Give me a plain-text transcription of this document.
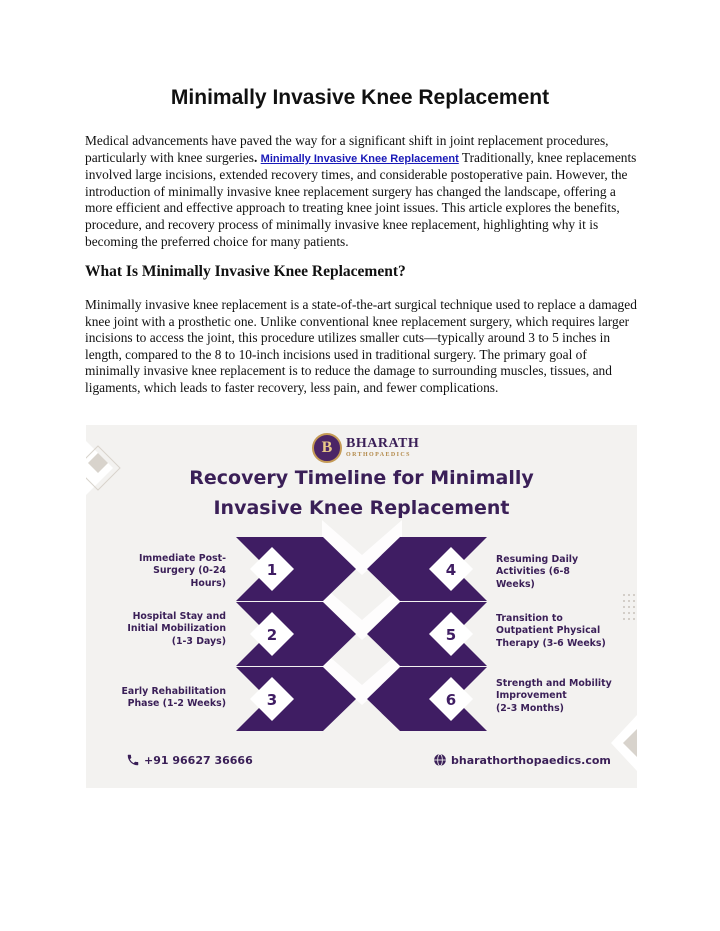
Minimally Invasive Knee Replacement

Medical advancements have paved the way for a significant shift in joint replacement procedures, particularly with knee surgeries. Minimally Invasive Knee Replacement Traditionally, knee replacements involved large incisions, extended recovery times, and considerable postoperative pain. However, the introduction of minimally invasive knee replacement surgery has changed the landscape, offering a more efficient and effective approach to treating knee joint issues. This article explores the benefits, procedure, and recovery process of minimally invasive knee replacement, highlighting why it is becoming the preferred choice for many patients.

What Is Minimally Invasive Knee Replacement?

Minimally invasive knee replacement is a state-of-the-art surgical technique used to replace a damaged knee joint with a prosthetic one. Unlike conventional knee replacement surgery, which requires larger incisions to access the joint, this procedure utilizes smaller cuts—typically around 3 to 5 inches in length, compared to the 8 to 10-inch incisions used in traditional surgery. The primary goal of minimally invasive knee replacement is to reduce the damage to surrounding muscles, tissues, and ligaments, which leads to faster recovery, less pain, and fewer complications.

1
2
3
4
5
6
B BHARATH
ORTHOPAEDICS
Recovery Timeline for Minimally
Invasive Knee Replacement
Immediate Post-
Surgery (0-24
Hours)
Hospital Stay and
Initial Mobilization
(1-3 Days)
Early Rehabilitation
Phase (1-2 Weeks)
Resuming Daily
Activities (6-8
Weeks)
Transition to
Outpatient Physical
Therapy (3-6 Weeks)
Strength and Mobility
Improvement
(2-3 Months)
+91 96627 36666	bharathorthopaedics.com
